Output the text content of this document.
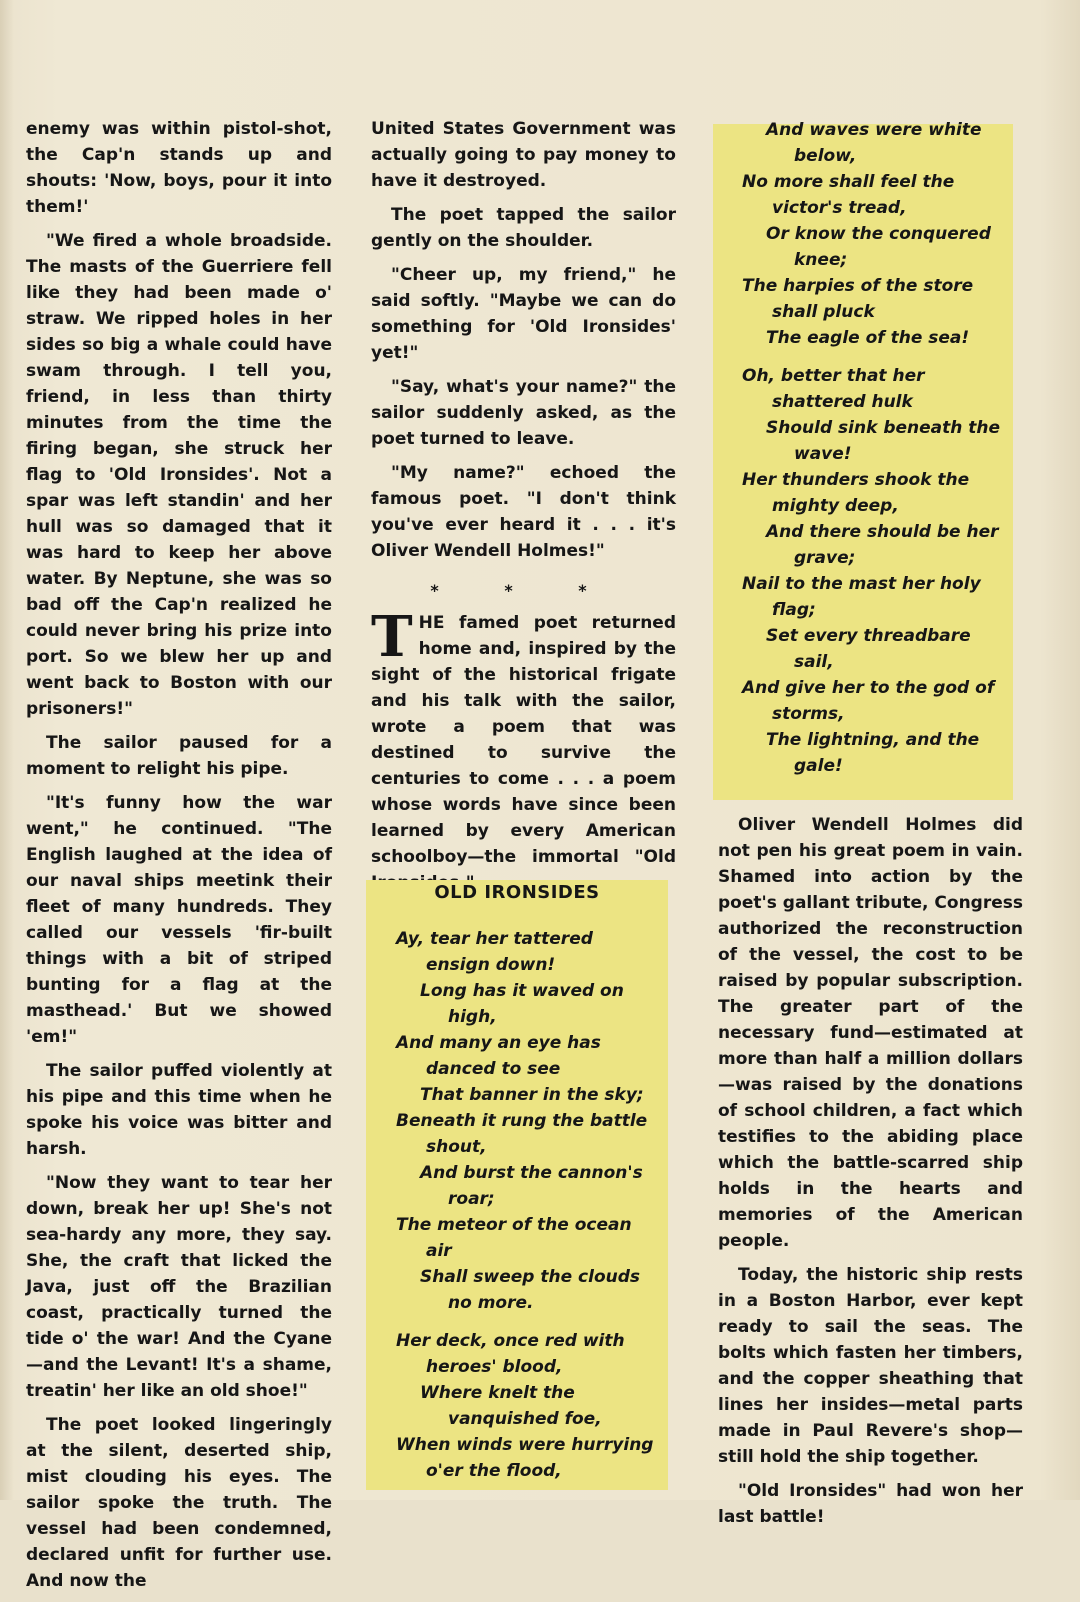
enemy was within pistol-shot, the Cap'n stands up and shouts: 'Now, boys, pour it into them!'

"We fired a whole broadside. The masts of the Guerriere fell like they had been made o' straw. We ripped holes in her sides so big a whale could have swam through. I tell you, friend, in less than thirty minutes from the time the firing began, she struck her flag to 'Old Ironsides'. Not a spar was left standin' and her hull was so damaged that it was hard to keep her above water. By Neptune, she was so bad off the Cap'n realized he could never bring his prize into port. So we blew her up and went back to Boston with our prisoners!"

The sailor paused for a moment to relight his pipe.

"It's funny how the war went," he continued. "The English laughed at the idea of our naval ships meetink their fleet of many hundreds. They called our vessels 'fir-built things with a bit of striped bunting for a flag at the masthead.' But we showed 'em!"

The sailor puffed violently at his pipe and this time when he spoke his voice was bitter and harsh.

"Now they want to tear her down, break her up! She's not sea-hardy any more, they say. She, the craft that licked the Java, just off the Brazilian coast, practically turned the tide o' the war! And the Cyane—and the Levant! It's a shame, treatin' her like an old shoe!"

The poet looked lingeringly at the silent, deserted ship, mist clouding his eyes. The sailor spoke the truth. The vessel had been condemned, declared unfit for further use. And now the

United States Government was actually going to pay money to have it destroyed.

The poet tapped the sailor gently on the shoulder.

"Cheer up, my friend," he said softly. "Maybe we can do something for 'Old Ironsides' yet!"

"Say, what's your name?" the sailor suddenly asked, as the poet turned to leave.

"My name?" echoed the famous poet. "I don't think you've ever heard it . . . it's Oliver Wendell Holmes!"

* * *

THE famed poet returned home and, inspired by the sight of the historical frigate and his talk with the sailor, wrote a poem that was destined to survive the centuries to come . . . a poem whose words have since been learned by every American schoolboy—the immortal "Old

OLD IRONSIDES

Ay, tear her tattered ensign down!

Long has it waved on high,

And many an eye has danced to see

That banner in the sky;

Beneath it rung the battle shout,

And burst the cannon's roar;

The meteor of the ocean air

Shall sweep the clouds no more.

Her deck, once red with heroes' blood,

Where knelt the vanquished foe,

When winds were hurrying o'er the flood,

And waves were white below,

No more shall feel the victor's tread,

Or know the conquered knee;

The harpies of the store shall pluck

The eagle of the sea!

Oh, better that her shattered hulk

Should sink beneath the wave!

Her thunders shook the mighty deep,

And there should be her grave;

Nail to the mast her holy flag;

Set every threadbare sail,

And give her to the god of storms,

The lightning, and the gale!

Oliver Wendell Holmes did not pen his great poem in vain. Shamed into action by the poet's gallant tribute, Congress authorized the reconstruction of the vessel, the cost to be raised by popular subscription. The greater part of the necessary fund—estimated at more than half a million dollars—was raised by the donations of school children, a fact which testifies to the abiding place which the battle-scarred ship holds in the hearts and memories of the American people.

Today, the historic ship rests in a Boston Harbor, ever kept ready to sail the seas. The bolts which fasten her timbers, and the copper sheathing that lines her insides—metal parts made in Paul Revere's shop—still hold the ship together.

"Old Ironsides" had won her last battle!
